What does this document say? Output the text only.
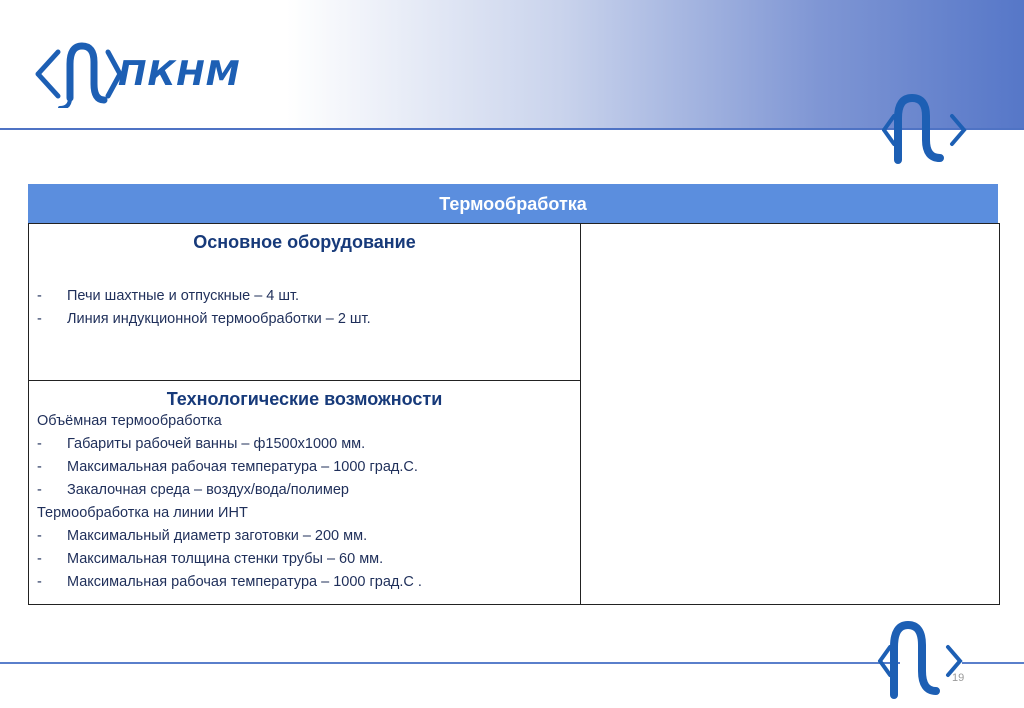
ПКНМ
Термообработка
Основное оборудование
- Печи шахтные и отпускные – 4 шт.
- Линия индукционной термообработки – 2 шт.
Технологические возможности
Объёмная термообработка
- Габариты рабочей ванны – ф1500х1000 мм.
- Максимальная рабочая температура – 1000 град.С.
- Закалочная среда – воздух/вода/полимер
Термообработка на линии ИНТ
- Максимальный диаметр заготовки – 200 мм.
- Максимальная толщина стенки трубы – 60 мм.
- Максимальная рабочая температура – 1000 град.С .
19
